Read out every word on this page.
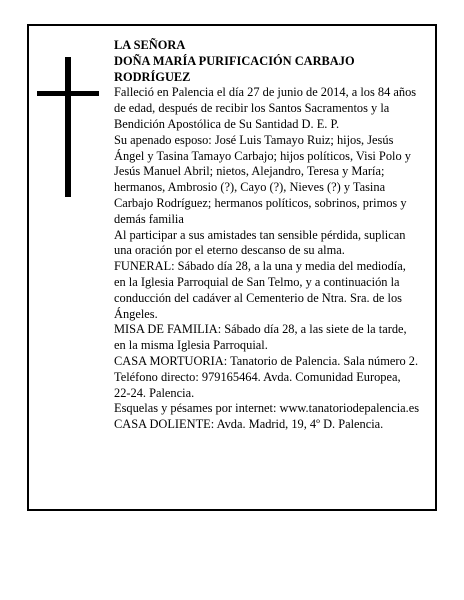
LA SEÑORA
DOÑA MARÍA PURIFICACIÓN CARBAJO RODRÍGUEZ
Falleció en Palencia el día 27 de junio de 2014, a los 84 años de edad, después de recibir los Santos Sacramentos y la Bendición Apostólica de Su Santidad D. E. P.
Su apenado esposo: José Luis Tamayo Ruiz; hijos, Jesús Ángel y Tasina Tamayo Carbajo; hijos políticos, Visi Polo y Jesús Manuel Abril; nietos, Alejandro, Teresa y María; hermanos, Ambrosio (?), Cayo (?), Nieves (?) y Tasina Carbajo Rodríguez; hermanos políticos, sobrinos, primos y demás familia
Al participar a sus amistades tan sensible pérdida, suplican una oración por el eterno descanso de su alma.
FUNERAL: Sábado día 28, a la una y media del mediodía, en la Iglesia Parroquial de San Telmo, y a continuación la conducción del cadáver al Cementerio de Ntra. Sra. de los Ángeles.
MISA DE FAMILIA: Sábado día 28, a las siete de la tarde, en la misma Iglesia Parroquial.
CASA MORTUORIA: Tanatorio de Palencia. Sala número 2. Teléfono directo: 979165464. Avda. Comunidad Europea, 22-24. Palencia.
Esquelas y pésames por internet: www.tanatoriodepalencia.es
CASA DOLIENTE: Avda. Madrid, 19, 4º D. Palencia.
